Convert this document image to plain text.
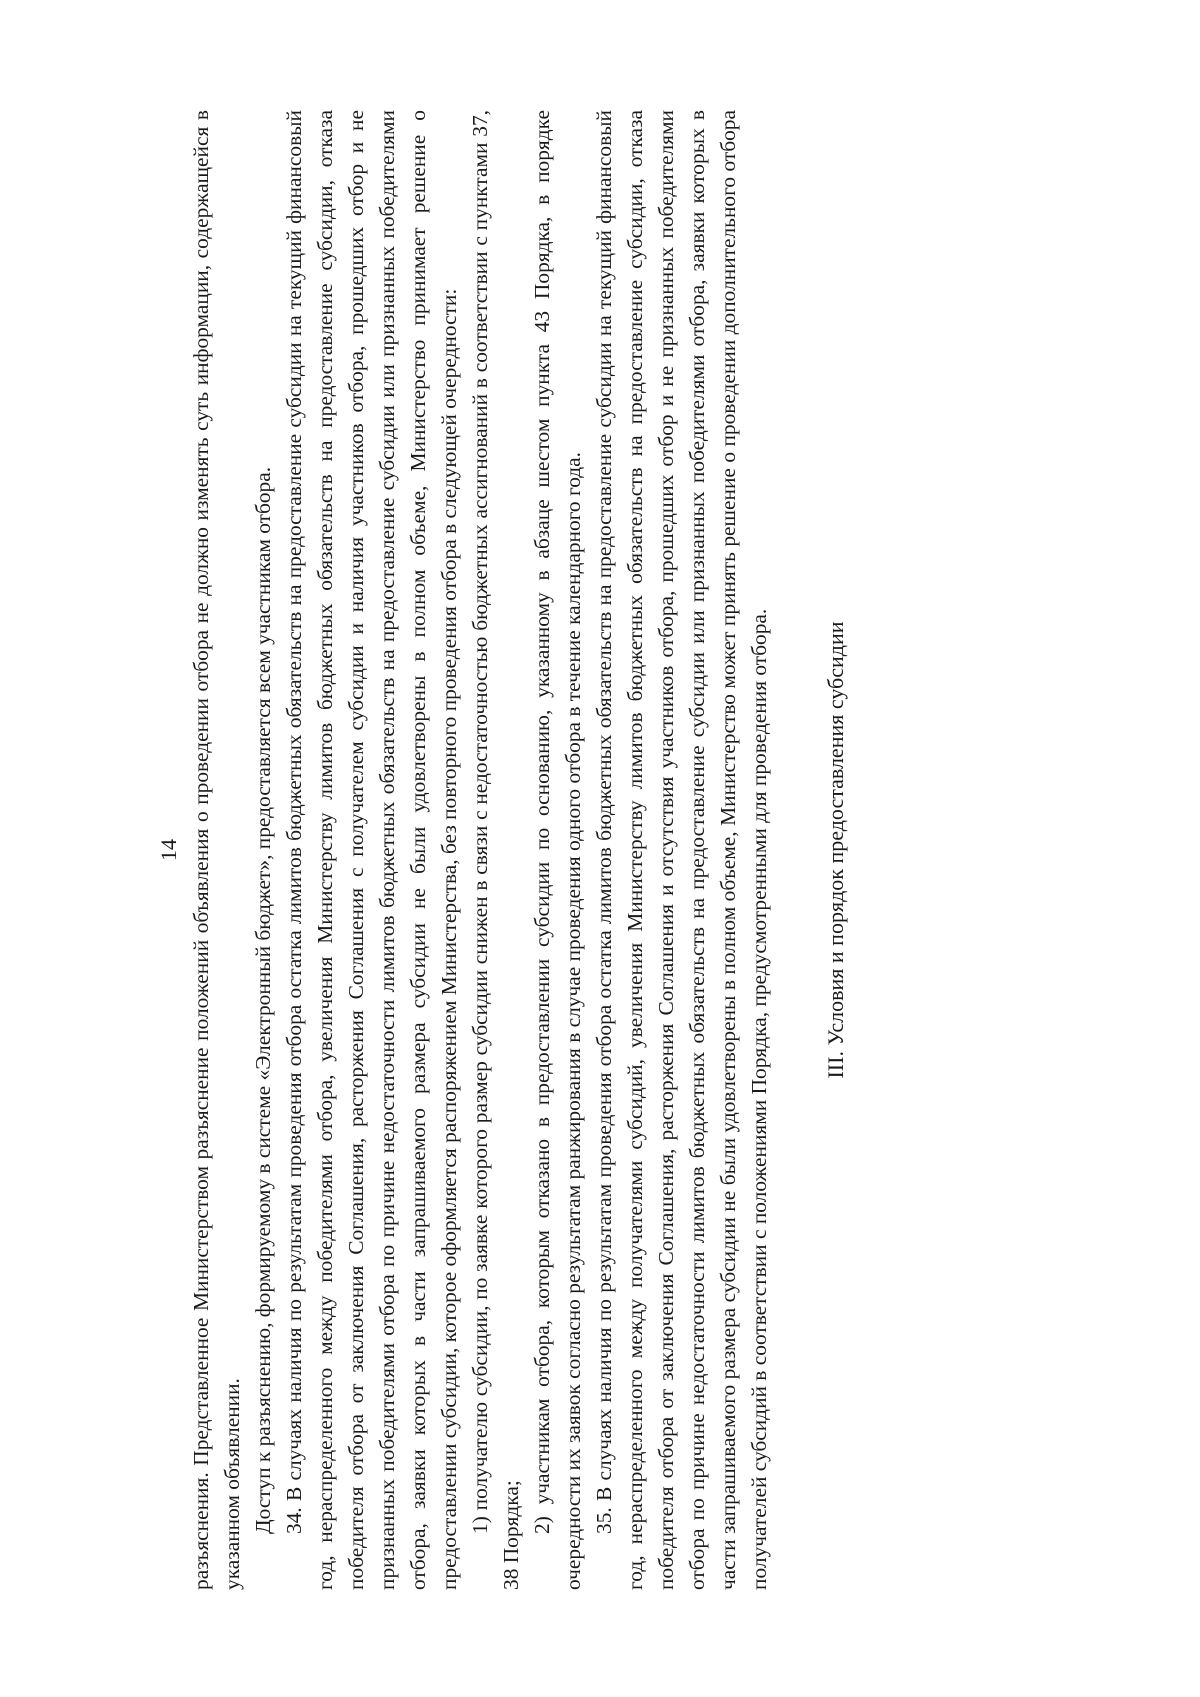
14 разъяснения. Представленное Министерством разъяснение положений объявления о проведении отбора не должно изменять суть информации, содержащейся в указанном объявлении. Доступ к разъяснению, формируемому в системе «Электронный бюджет», предоставляется всем участникам отбора. 34. В случаях наличия по результатам проведения отбора остатка лимитов бюджетных обязательств на предоставление субсидии на текущий финансовый год, нераспределенного между победителями отбора, увеличения Министерству лимитов бюджетных обязательств на предоставление субсидии, отказа победителя отбора от заключения Соглашения, расторжения Соглашения с получателем субсидии и наличия участников отбора, прошедших отбор и не признанных победителями отбора по причине недостаточности лимитов бюджетных обязательств на предоставление субсидии или признанных победителями отбора, заявки которых в части запрашиваемого размера субсидии не были удовлетворены в полном объеме, Министерство принимает решение о предоставлении субсидии, которое оформляется распоряжением Министерства, без повторного проведения отбора в следующей очередности: 1) получателю субсидии, по заявке которого размер субсидии снижен в связи с недостаточностью бюджетных ассигнований в соответствии с пунктами 37, 38 Порядка;

2) участникам отбора, которым отказано в предоставлении субсидии по основанию, указанному в абзаце шестом пункта 43 Порядка, в порядке очередности их заявок согласно результатам ранжирования в случае проведения одного отбора в течение календарного года. 35. В случаях наличия по результатам проведения отбора остатка лимитов бюджетных обязательств на предоставление субсидии на текущий финансовый год, нераспределенного между получателями субсидий, увеличения Министерству лимитов бюджетных обязательств на предоставление субсидии, отказа победителя отбора от заключения Соглашения, расторжения Соглашения и отсутствия участников отбора, прошедших отбор и не признанных победителями отбора по причине недостаточности лимитов бюджетных обязательств на предоставление субсидии или признанных победителями отбора, заявки которых в части запрашиваемого размера субсидии не были удовлетворены в полном объеме, Министерство может принять решение о проведении дополнительного отбора получателей субсидий в соответствии с положениями Порядка, предусмотренными для проведения отбора. III. Условия и порядок предоставления субсидии
